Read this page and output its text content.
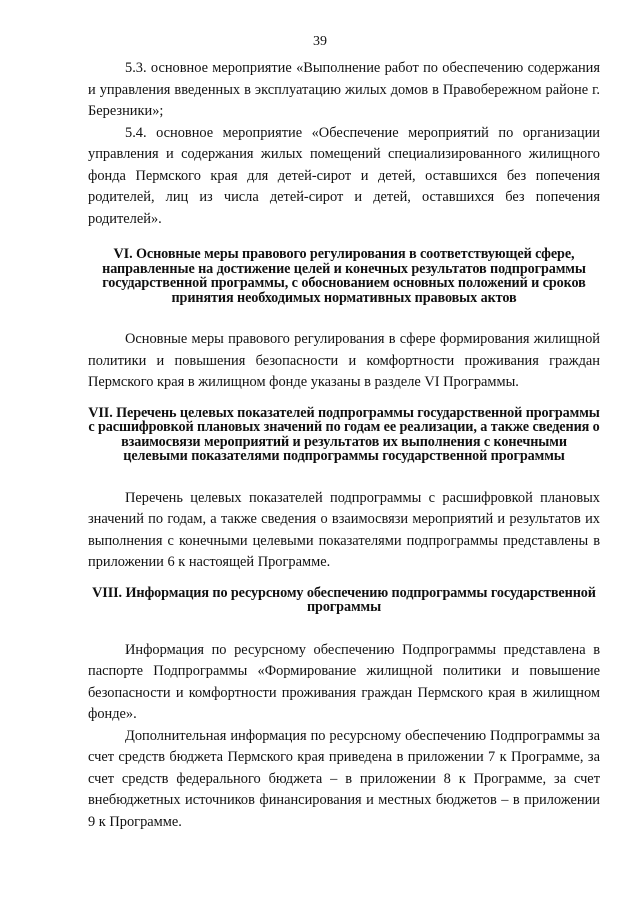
39

5.3. основное мероприятие «Выполнение работ по обеспечению содержания и управления введенных в эксплуатацию жилых домов в Правобережном районе г. Березники»;

5.4. основное мероприятие «Обеспечение мероприятий по организации управления и содержания жилых помещений специализированного жилищного фонда Пермского края для детей-сирот и детей, оставшихся без попечения родителей, лиц из числа детей-сирот и детей, оставшихся без попечения родителей».

VI. Основные меры правового регулирования в соответствующей сфере, направленные на достижение целей и конечных результатов подпрограммы государственной программы, с обоснованием основных положений и сроков принятия необходимых нормативных правовых актов

Основные меры правового регулирования в сфере формирования жилищной политики и повышения безопасности и комфортности проживания граждан Пермского края в жилищном фонде указаны в разделе VI Программы.

VII. Перечень целевых показателей подпрограммы государственной программы с расшифровкой плановых значений по годам ее реализации, а также сведения о взаимосвязи мероприятий и результатов их выполнения с конечными целевыми показателями подпрограммы государственной программы

Перечень целевых показателей подпрограммы с расшифровкой плановых значений по годам, а также сведения о взаимосвязи мероприятий и результатов их выполнения с конечными целевыми показателями подпрограммы представлены в приложении 6 к настоящей Программе.

VIII. Информация по ресурсному обеспечению подпрограммы государственной программы

Информация по ресурсному обеспечению Подпрограммы представлена в паспорте Подпрограммы «Формирование жилищной политики и повышение безопасности и комфортности проживания граждан Пермского края в жилищном фонде».

Дополнительная информация по ресурсному обеспечению Подпрограммы за счет средств бюджета Пермского края приведена в приложении 7 к Программе, за счет средств федерального бюджета – в приложении 8 к Программе, за счет внебюджетных источников финансирования и местных бюджетов – в приложении 9 к Программе.
